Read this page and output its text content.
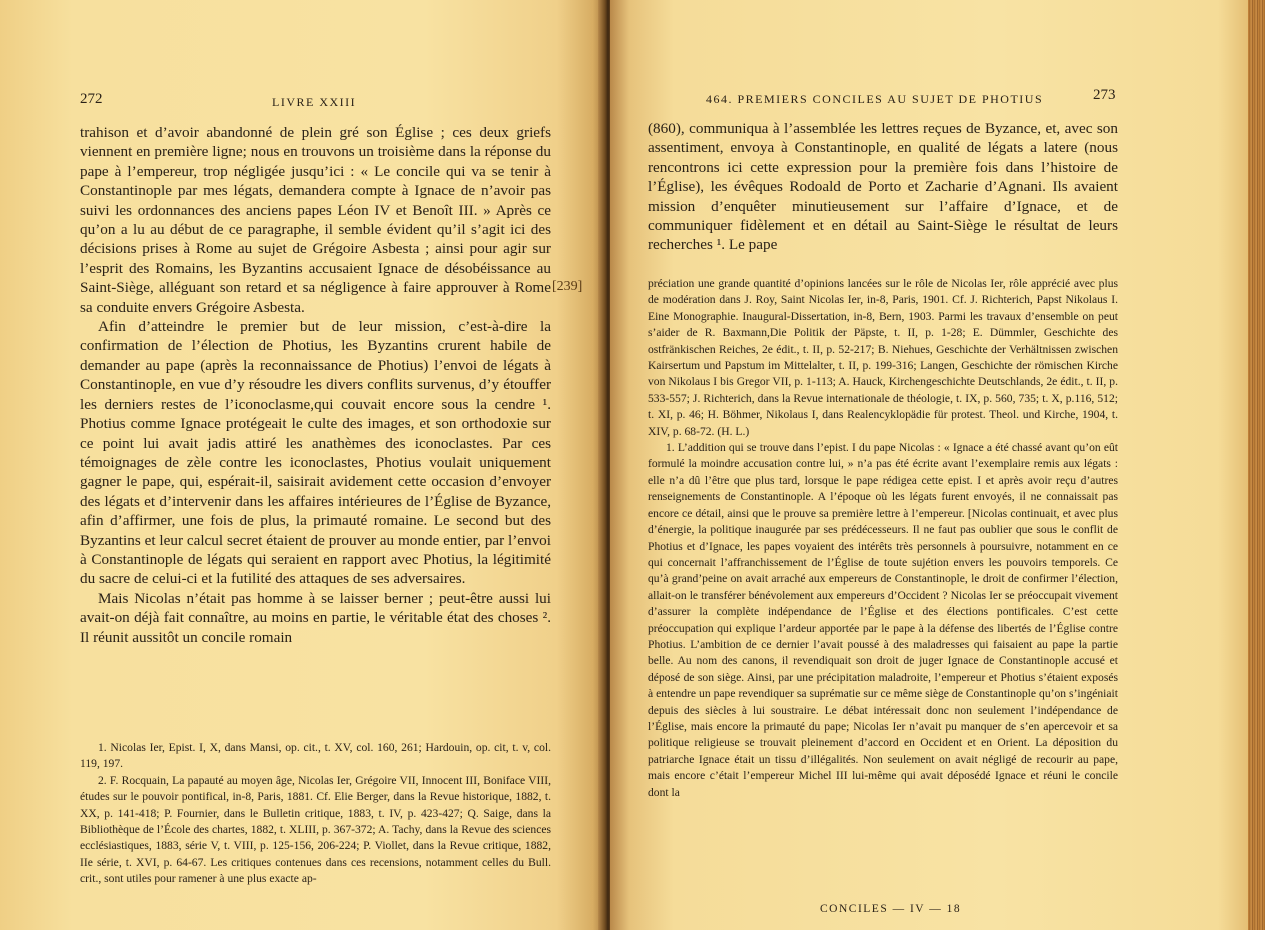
272	LIVRE XXIII

trahison et d’avoir abandonné de plein gré son Église ; ces deux griefs viennent en première ligne; nous en trouvons un troisième dans la réponse du pape à l’empereur, trop négligée jusqu’ici : « Le concile qui va se tenir à Constantinople par mes légats, demandera compte à Ignace de n’avoir pas suivi les ordonnances des anciens papes Léon IV et Benoît III. » Après ce qu’on a lu au début de ce paragraphe, il semble évident qu’il s’agit ici des décisions prises à Rome au sujet de Grégoire Asbesta ; ainsi pour agir sur l’esprit des Romains, les Byzantins accusaient Ignace de désobéissance au Saint-Siège, alléguant son retard et sa négligence à faire approuver à Rome sa conduite envers Grégoire Asbesta.

Afin d’atteindre le premier but de leur mission, c’est-à-dire la confirmation de l’élection de Photius, les Byzantins crurent habile de demander au pape (après la reconnaissance de Photius) l’envoi de légats à Constantinople, en vue d’y résoudre les divers conflits survenus, d’y étouffer les derniers restes de l’iconoclasme,qui couvait encore sous la cendre ¹. Photius comme Ignace protégeait le culte des images, et son orthodoxie sur ce point lui avait jadis attiré les anathèmes des iconoclastes. Par ces témoignages de zèle contre les iconoclastes, Photius voulait uniquement gagner le pape, qui, espérait-il, saisirait avidement cette occasion d’envoyer des légats et d’intervenir dans les affaires intérieures de l’Église de Byzance, afin d’affirmer, une fois de plus, la primauté romaine. Le second but des Byzantins et leur calcul secret étaient de prouver au monde entier, par l’envoi à Constantinople de légats qui seraient en rapport avec Photius, la légitimité du sacre de celui-ci et la futilité des attaques de ses adversaires.

Mais Nicolas n’était pas homme à se laisser berner ; peut-être aussi lui avait-on déjà fait connaître, au moins en partie, le véritable état des choses ². Il réunit aussitôt un concile romain

1. Nicolas Ier, Epist. I, X, dans Mansi, op. cit., t. XV, col. 160, 261; Hardouin, op. cit, t. v, col. 119, 197.

2. F. Rocquain, La papauté au moyen âge, Nicolas Ier, Grégoire VII, Innocent III, Boniface VIII, études sur le pouvoir pontifical, in-8, Paris, 1881. Cf. Elie Berger, dans la Revue historique, 1882, t. XX, p. 141-418; P. Fournier, dans le Bulletin critique, 1883, t. IV, p. 423-427; Q. Saige, dans la Bibliothèque de l’École des chartes, 1882, t. XLIII, p. 367-372; A. Tachy, dans la Revue des sciences ecclésiastiques, 1883, série V, t. VIII, p. 125-156, 206-224; P. Viollet, dans la Revue critique, 1882, IIe série, t. XVI, p. 64-67. Les critiques contenues dans ces recensions, notamment celles du Bull. crit., sont utiles pour ramener à une plus exacte ap-

[239]
464. PREMIERS CONCILES AU SUJET DE PHOTIUS	273

(860), communiqua à l’assemblée les lettres reçues de Byzance, et, avec son assentiment, envoya à Constantinople, en qualité de légats a latere (nous rencontrons ici cette expression pour la première fois dans l’histoire de l’Église), les évêques Rodoald de Porto et Zacharie d’Agnani. Ils avaient mission d’enquêter minutieusement sur l’affaire d’Ignace, et de communiquer fidèlement et en détail au Saint-Siège le résultat de leurs recherches ¹. Le pape

préciation une grande quantité d’opinions lancées sur le rôle de Nicolas Ier, rôle apprécié avec plus de modération dans J. Roy, Saint Nicolas Ier, in-8, Paris, 1901. Cf. J. Richterich, Papst Nikolaus I. Eine Monographie. Inaugural-Dissertation, in-8, Bern, 1903. Parmi les travaux d’ensemble on peut s’aider de R. Baxmann,Die Politik der Päpste, t. II, p. 1-28; E. Dümmler, Geschichte des ostfränkischen Reiches, 2e édit., t. II, p. 52-217; B. Niehues, Geschichte der Verhältnissen zwischen Kairsertum und Papstum im Mittelalter, t. II, p. 199-316; Langen, Geschichte der römischen Kirche von Nikolaus I bis Gregor VII, p. 1-113; A. Hauck, Kirchengeschichte Deutschlands, 2e édit., t. II, p. 533-557; J. Richterich, dans la Revue internationale de théologie, t. IX, p. 560, 735; t. X, p.116, 512; t. XI, p. 46; H. Böhmer, Nikolaus I, dans Realencyklopädie für protest. Theol. und Kirche, 1904, t. XIV, p. 68-72. (H. L.)

1. L’addition qui se trouve dans l’epist. I du pape Nicolas : « Ignace a été chassé avant qu’on eût formulé la moindre accusation contre lui, » n’a pas été écrite avant l’exemplaire remis aux légats : elle n’a dû l’être que plus tard, lorsque le pape rédigea cette epist. I et après avoir reçu d’autres renseignements de Constantinople. A l’époque où les légats furent envoyés, il ne connaissait pas encore ce détail, ainsi que le prouve sa première lettre à l’empereur. [Nicolas continuait, et avec plus d’énergie, la politique inaugurée par ses prédécesseurs. Il ne faut pas oublier que sous le conflit de Photius et d’Ignace, les papes voyaient des intérêts très personnels à poursuivre, notamment en ce qui concernait l’affranchissement de l’Église de toute sujétion envers les pouvoirs temporels. Ce qu’à grand’peine on avait arraché aux empereurs de Constantinople, le droit de confirmer l’élection, allait-on le transférer bénévolement aux empereurs d’Occident ? Nicolas Ier se préoccupait vivement d’assurer la complète indépendance de l’Église et des élections pontificales. C’est cette préoccupation qui explique l’ardeur apportée par le pape à la défense des libertés de l’Église contre Photius. L’ambition de ce dernier l’avait poussé à des maladresses qui faisaient au pape la partie belle. Au nom des canons, il revendiquait son droit de juger Ignace de Constantinople accusé et déposé de son siège. Ainsi, par une précipitation maladroite, l’empereur et Photius s’étaient exposés à entendre un pape revendiquer sa suprématie sur ce même siège de Constantinople qu’on s’ingéniait depuis des siècles à lui soustraire. Le débat intéressait donc non seulement l’indépendance de l’Église, mais encore la primauté du pape; Nicolas Ier n’avait pu manquer de s’en apercevoir et sa politique religieuse se trouvait pleinement d’accord en Occident et en Orient. La déposition du patriarche Ignace était un tissu d’illégalités. Non seulement on avait négligé de recourir au pape, mais encore c’était l’empereur Michel III lui-même qui avait déposédé Ignace et réuni le concile dont la

CONCILES — IV — 18
